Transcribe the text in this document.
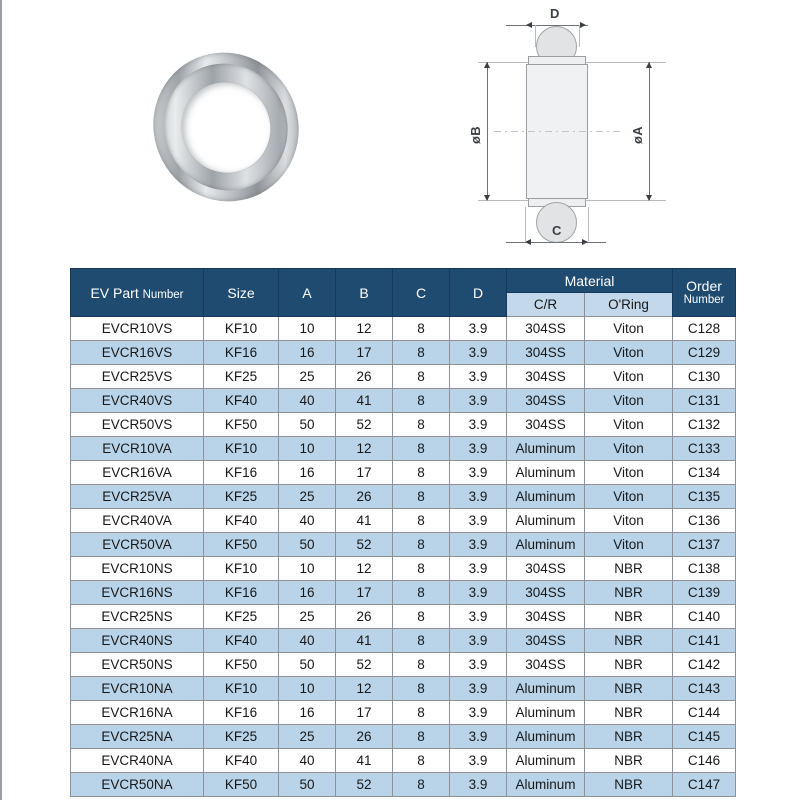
D
C
øB	øA
EV Part Number	Size	A	B	C	D	Material		Order
Number

						C/R	O'Ring	
EVCR10VS	KF10	10	12	8	3.9	304SS	Viton	C128
EVCR16VS	KF16	16	17	8	3.9	304SS	Viton	C129
EVCR25VS	KF25	25	26	8	3.9	304SS	Viton	C130
EVCR40VS	KF40	40	41	8	3.9	304SS	Viton	C131
EVCR50VS	KF50	50	52	8	3.9	304SS	Viton	C132
EVCR10VA	KF10	10	12	8	3.9	Aluminum	Viton	C133
EVCR16VA	KF16	16	17	8	3.9	Aluminum	Viton	C134
EVCR25VA	KF25	25	26	8	3.9	Aluminum	Viton	C135
EVCR40VA	KF40	40	41	8	3.9	Aluminum	Viton	C136
EVCR50VA	KF50	50	52	8	3.9	Aluminum	Viton	C137
EVCR10NS	KF10	10	12	8	3.9	304SS	NBR	C138
EVCR16NS	KF16	16	17	8	3.9	304SS	NBR	C139
EVCR25NS	KF25	25	26	8	3.9	304SS	NBR	C140
EVCR40NS	KF40	40	41	8	3.9	304SS	NBR	C141
EVCR50NS	KF50	50	52	8	3.9	304SS	NBR	C142
EVCR10NA	KF10	10	12	8	3.9	Aluminum	NBR	C143
EVCR16NA	KF16	16	17	8	3.9	Aluminum	NBR	C144
EVCR25NA	KF25	25	26	8	3.9	Aluminum	NBR	C145
EVCR40NA	KF40	40	41	8	3.9	Aluminum	NBR	C146
EVCR50NA	KF50	50	52	8	3.9	Aluminum	NBR	C147
